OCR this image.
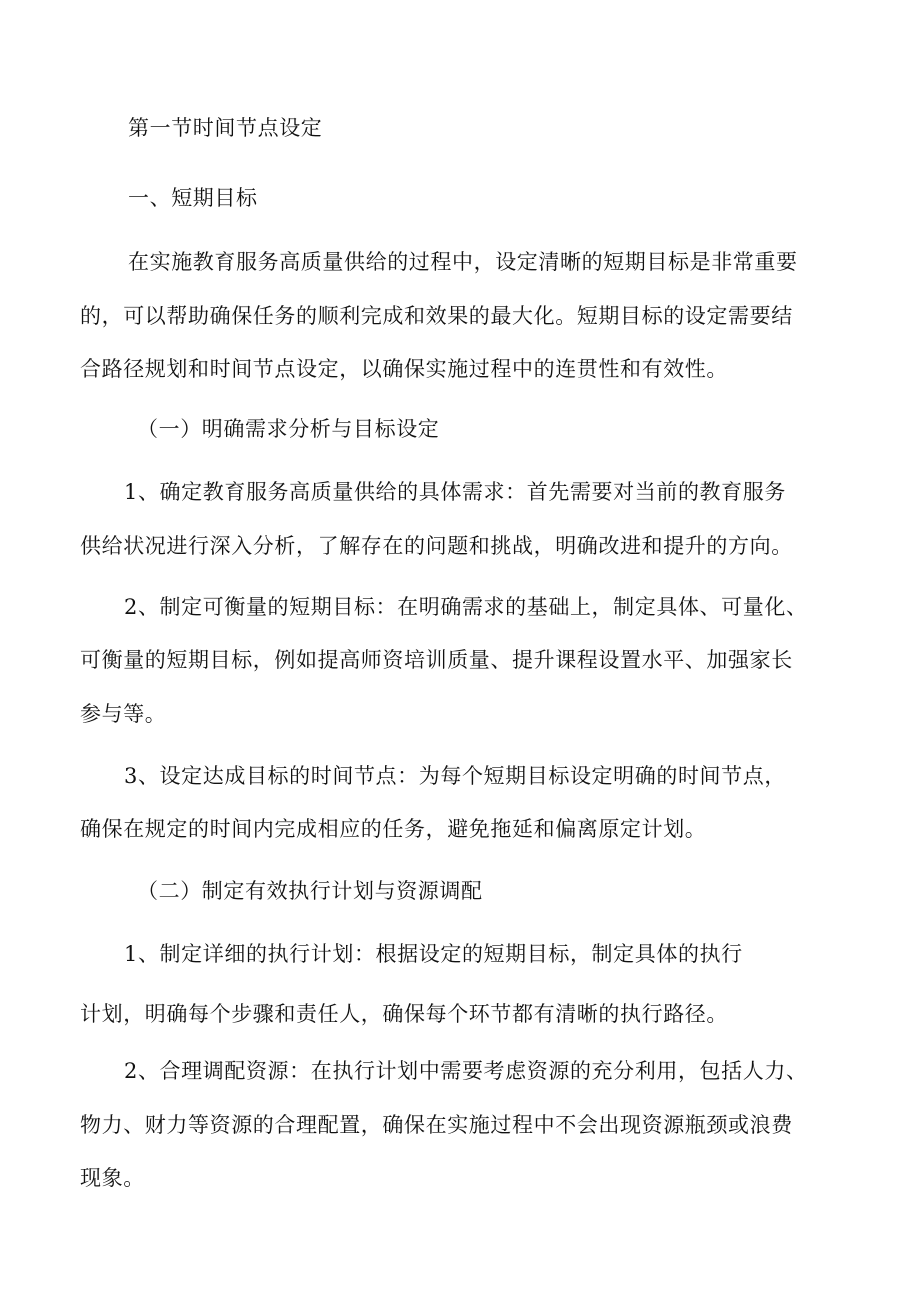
第一节时间节点设定
一、短期目标
在实施教育服务高质量供给的过程中，设定清晰的短期目标是非常重要
的，可以帮助确保任务的顺利完成和效果的最大化。短期目标的设定需要结
合路径规划和时间节点设定，以确保实施过程中的连贯性和有效性。
（一）明确需求分析与目标设定
1、确定教育服务高质量供给的具体需求：首先需要对当前的教育服务
供给状况进行深入分析，了解存在的问题和挑战，明确改进和提升的方向。
2、制定可衡量的短期目标：在明确需求的基础上，制定具体、可量化、
可衡量的短期目标，例如提高师资培训质量、提升课程设置水平、加强家长
参与等。
3、设定达成目标的时间节点：为每个短期目标设定明确的时间节点，
确保在规定的时间内完成相应的任务，避免拖延和偏离原定计划。
（二）制定有效执行计划与资源调配
1、制定详细的执行计划：根据设定的短期目标，制定具体的执行
计划，明确每个步骤和责任人，确保每个环节都有清晰的执行路径。
2、合理调配资源：在执行计划中需要考虑资源的充分利用，包括人力、
物力、财力等资源的合理配置，确保在实施过程中不会出现资源瓶颈或浪费
现象。
